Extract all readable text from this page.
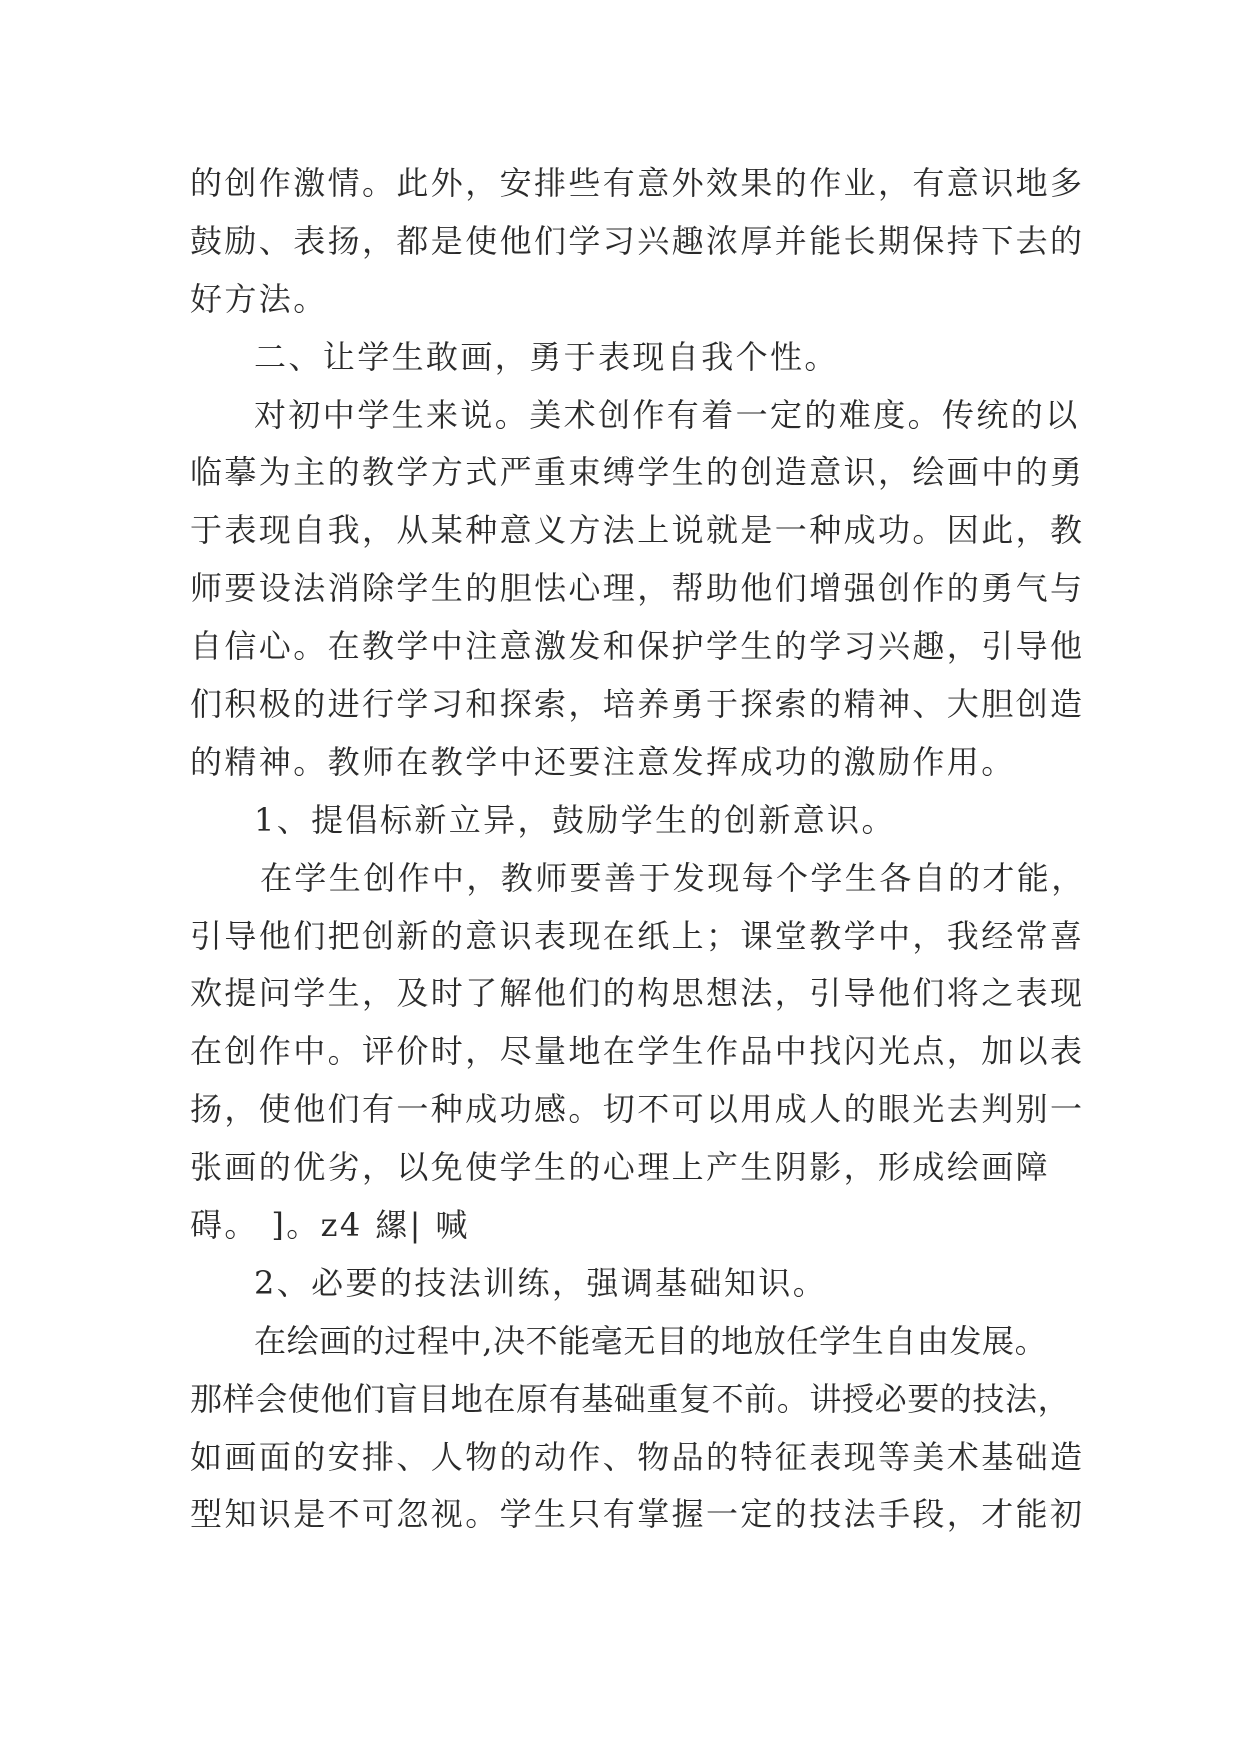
的创作激情。此外，安排些有意外效果的作业，有意识地多
鼓励、表扬，都是使他们学习兴趣浓厚并能长期保持下去的
好方法。
二、让学生敢画，勇于表现自我个性。
对初中学生来说。美术创作有着一定的难度。传统的以
临摹为主的教学方式严重束缚学生的创造意识，绘画中的勇
于表现自我，从某种意义方法上说就是一种成功。因此，教
师要设法消除学生的胆怯心理，帮助他们增强创作的勇气与
自信心。在教学中注意激发和保护学生的学习兴趣，引导他
们积极的进行学习和探索，培养勇于探索的精神、大胆创造
的精神。教师在教学中还要注意发挥成功的激励作用。
1、提倡标新立异，鼓励学生的创新意识。
在学生创作中，教师要善于发现每个学生各自的才能，
引导他们把创新的意识表现在纸上；课堂教学中，我经常喜
欢提问学生，及时了解他们的构思想法，引导他们将之表现
在创作中。评价时，尽量地在学生作品中找闪光点，加以表
扬，使他们有一种成功感。切不可以用成人的眼光去判别一
张画的优劣，以免使学生的心理上产生阴影，形成绘画障
碍。 ]。z4 縲| 喊
2、必要的技法训练，强调基础知识。
在绘画的过程中,决不能毫无目的地放任学生自由发展。
那样会使他们盲目地在原有基础重复不前。讲授必要的技法，
如画面的安排、人物的动作、物品的特征表现等美术基础造
型知识是不可忽视。学生只有掌握一定的技法手段，才能初
